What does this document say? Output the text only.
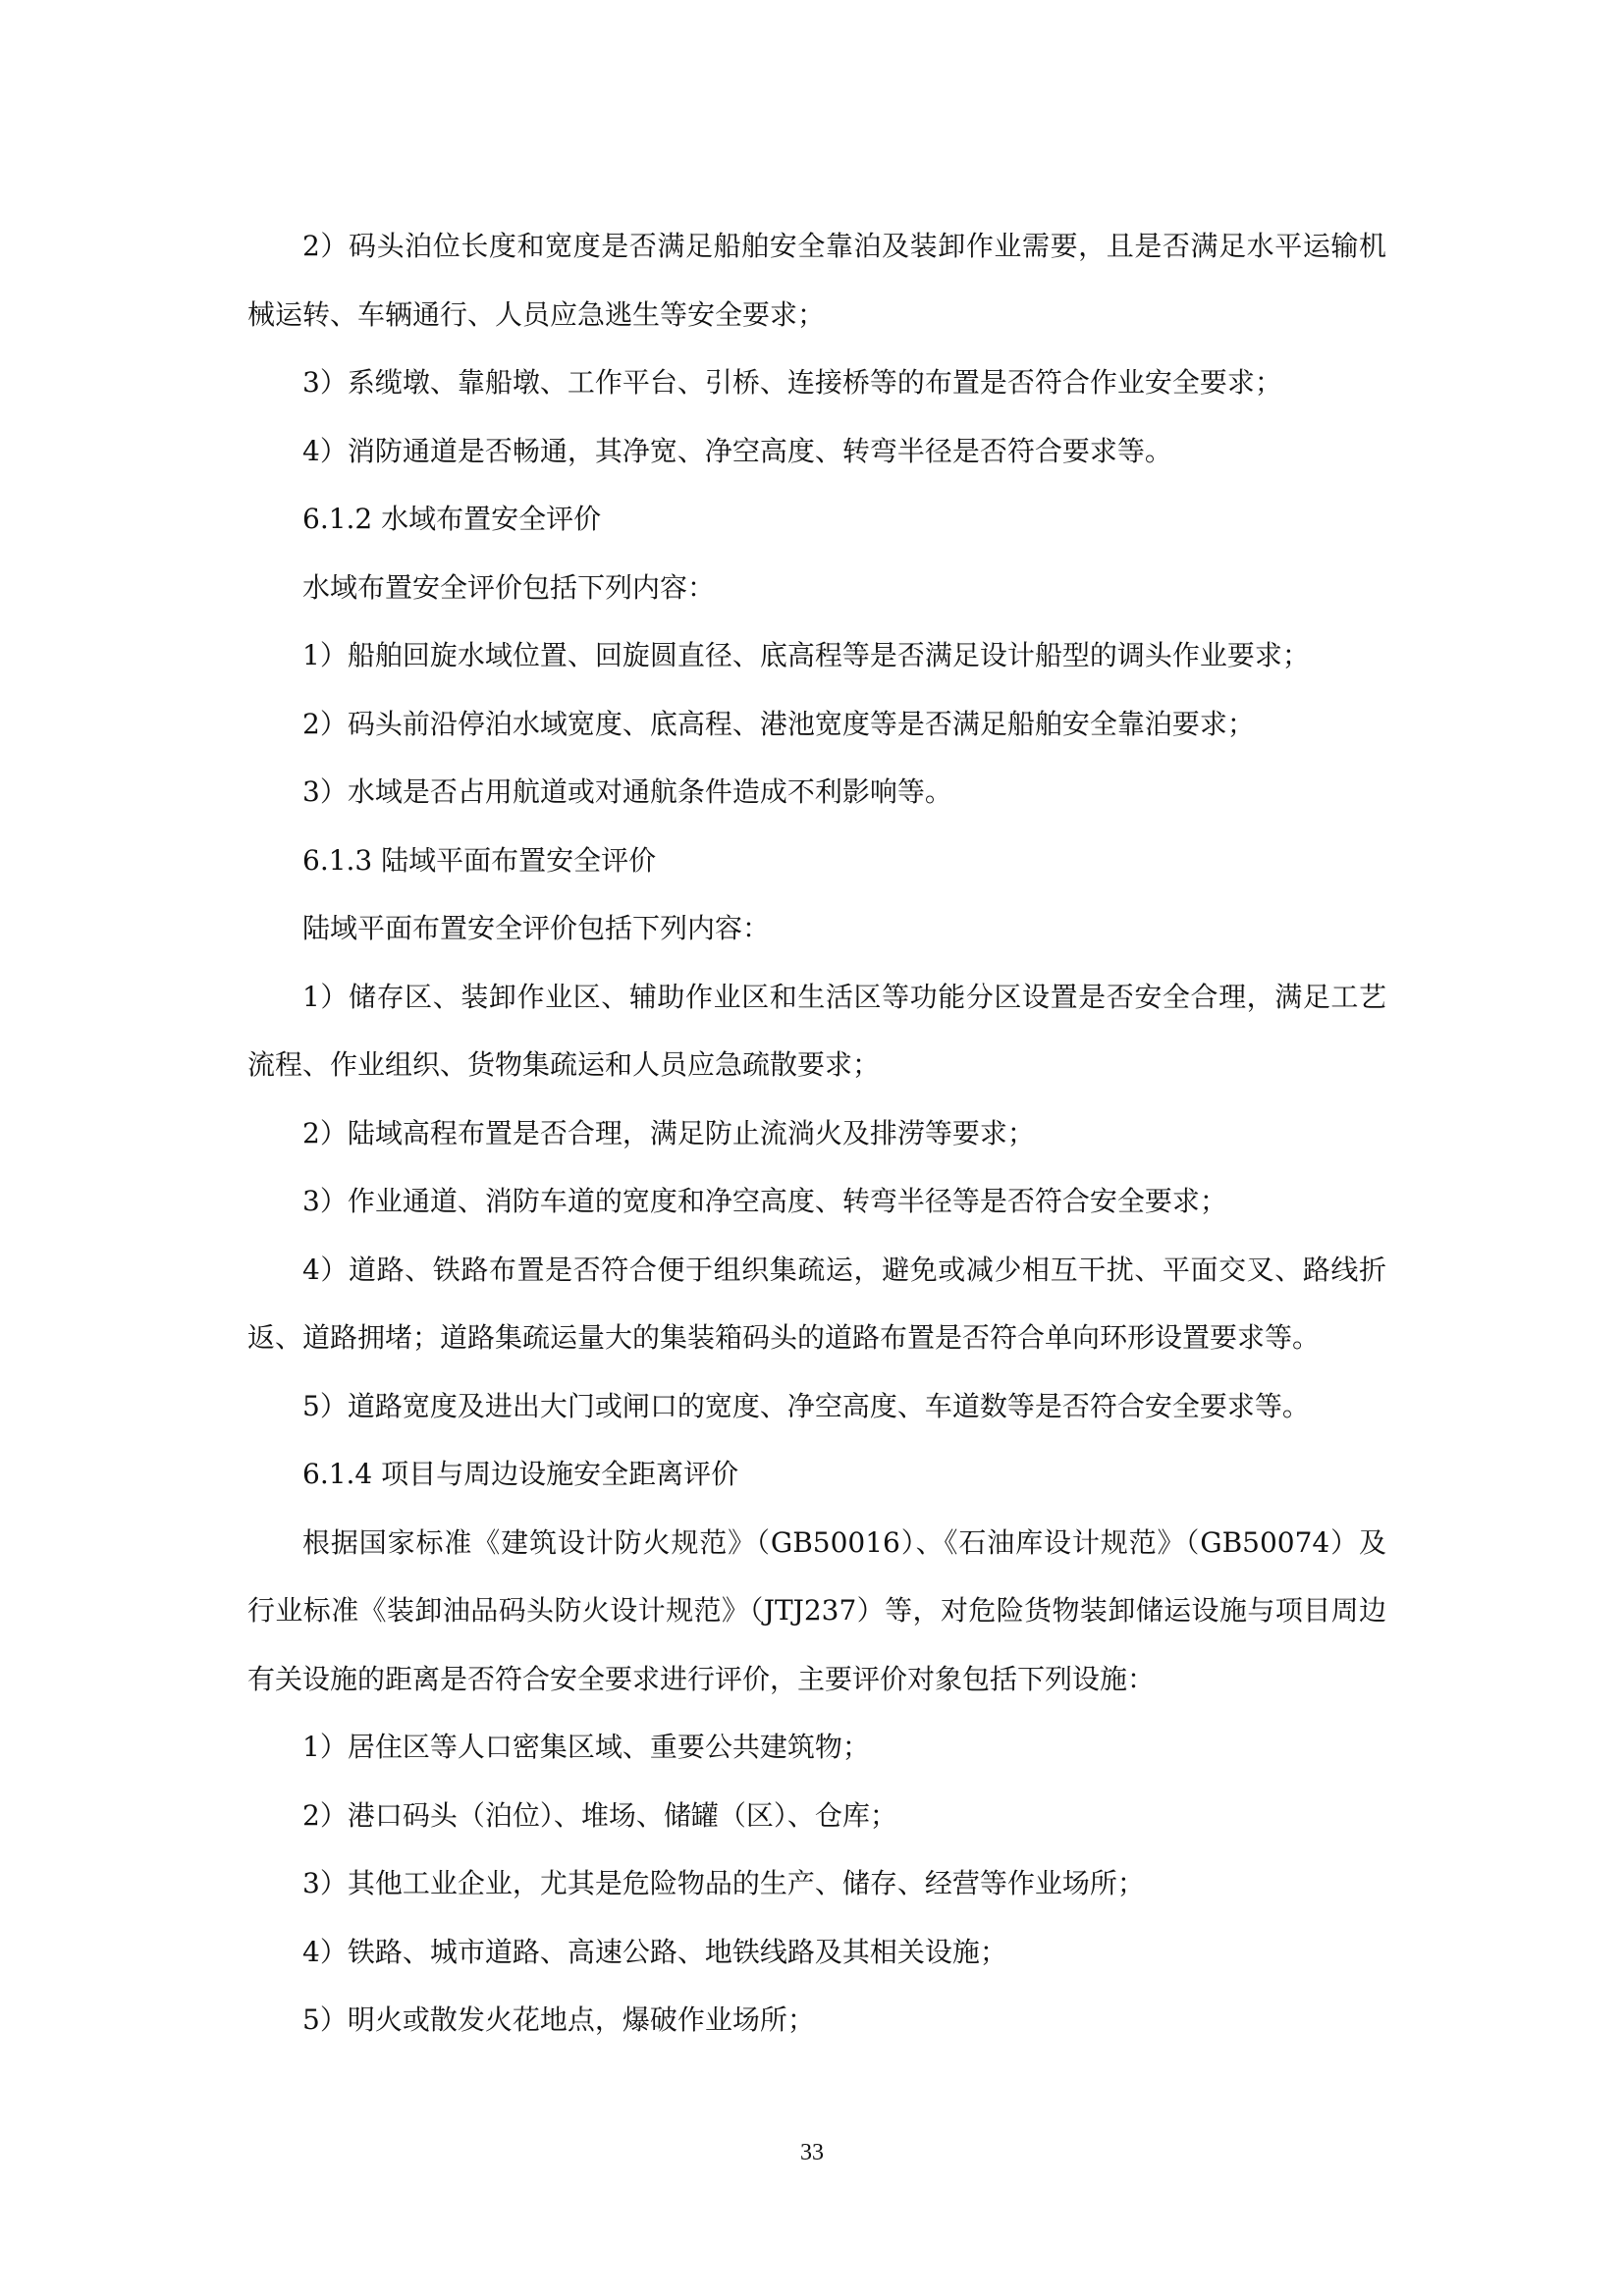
2）码头泊位长度和宽度是否满足船舶安全靠泊及装卸作业需要，且是否满足水平运输机械运转、车辆通行、人员应急逃生等安全要求；

3）系缆墩、靠船墩、工作平台、引桥、连接桥等的布置是否符合作业安全要求；

4）消防通道是否畅通，其净宽、净空高度、转弯半径是否符合要求等。

6.1.2 水域布置安全评价

水域布置安全评价包括下列内容：

1）船舶回旋水域位置、回旋圆直径、底高程等是否满足设计船型的调头作业要求；

2）码头前沿停泊水域宽度、底高程、港池宽度等是否满足船舶安全靠泊要求；

3）水域是否占用航道或对通航条件造成不利影响等。

6.1.3 陆域平面布置安全评价

陆域平面布置安全评价包括下列内容：

1）储存区、装卸作业区、辅助作业区和生活区等功能分区设置是否安全合理，满足工艺流程、作业组织、货物集疏运和人员应急疏散要求；

2）陆域高程布置是否合理，满足防止流淌火及排涝等要求；

3）作业通道、消防车道的宽度和净空高度、转弯半径等是否符合安全要求；

4）道路、铁路布置是否符合便于组织集疏运，避免或减少相互干扰、平面交叉、路线折返、道路拥堵；道路集疏运量大的集装箱码头的道路布置是否符合单向环形设置要求等。

5）道路宽度及进出大门或闸口的宽度、净空高度、车道数等是否符合安全要求等。

6.1.4 项目与周边设施安全距离评价

根据国家标准《建筑设计防火规范》（GB50016）、《石油库设计规范》（GB50074）及行业标准《装卸油品码头防火设计规范》（JTJ237）等，对危险货物装卸储运设施与项目周边有关设施的距离是否符合安全要求进行评价，主要评价对象包括下列设施：

1）居住区等人口密集区域、重要公共建筑物；

2）港口码头（泊位）、堆场、储罐（区）、仓库；

3）其他工业企业，尤其是危险物品的生产、储存、经营等作业场所；

4）铁路、城市道路、高速公路、地铁线路及其相关设施；

5）明火或散发火花地点，爆破作业场所；

33
